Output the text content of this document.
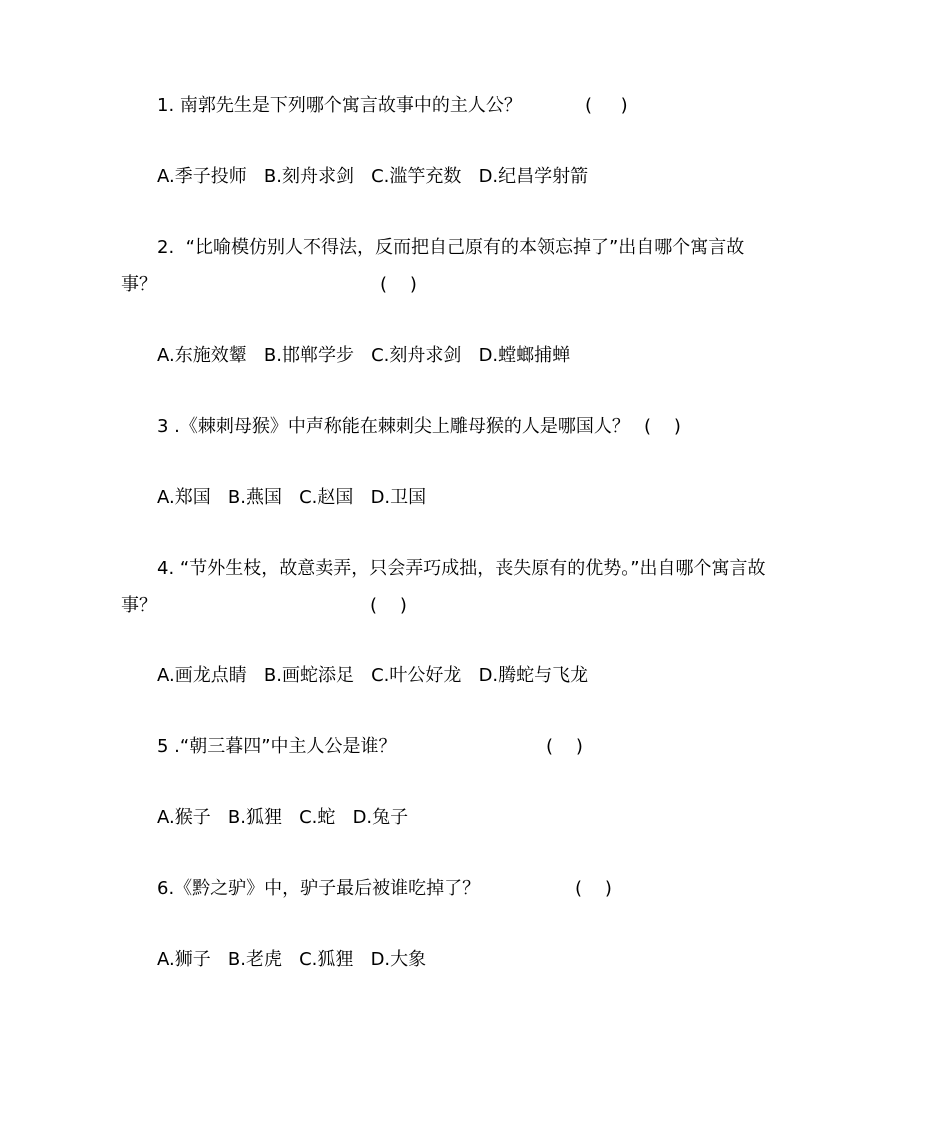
1. 南郭先生是下列哪个寓言故事中的主人公？	(     )
A.季子投师   B.刻舟求剑   C.滥竽充数   D.纪昌学射箭
2.  “比喻模仿别人不得法，反而把自己原有的本领忘掉了”出自哪个寓言故
事？	(    )
A.东施效颦   B.邯郸学步   C.刻舟求剑   D.螳螂捕蝉
3 .《棘刺母猴》中声称能在棘刺尖上雕母猴的人是哪国人？ (    )
A.郑国   B.燕国   C.赵国   D.卫国
4. “节外生枝，故意卖弄，只会弄巧成拙，丧失原有的优势。”出自哪个寓言故
事？	(    )
A.画龙点睛   B.画蛇添足   C.叶公好龙   D.腾蛇与飞龙
5 .“朝三暮四”中主人公是谁？	(    )
A.猴子   B.狐狸   C.蛇   D.兔子
6.《黔之驴》中，驴子最后被谁吃掉了？	(    )
A.狮子   B.老虎   C.狐狸   D.大象
